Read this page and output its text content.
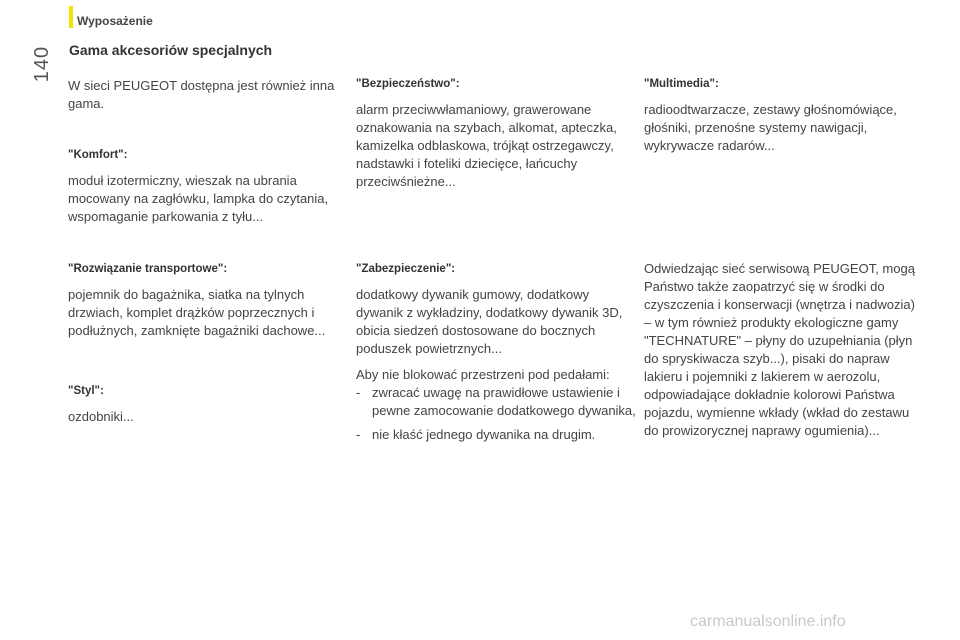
Wyposażenie
140	Gama akcesoriów specjalnych

W sieci PEUGEOT dostępna jest również inna gama.

"Komfort":

moduł izotermiczny, wieszak na ubrania mocowany na zagłówku, lampka do czytania, wspomaganie parkowania z tyłu...

"Rozwiązanie transportowe":

pojemnik do bagażnika, siatka na tylnych drzwiach, komplet drążków poprzecznych i podłużnych, zamknięte bagażniki dachowe...

"Styl":

ozdobniki...

"Bezpieczeństwo":

alarm przeciwwłamaniowy, grawerowane oznakowania na szybach, alkomat, apteczka, kamizelka odblaskowa, trójkąt ostrzegawczy, nadstawki i foteliki dziecięce, łańcuchy przeciwśnieżne...

"Zabezpieczenie":

dodatkowy dywanik gumowy, dodatkowy dywanik z wykładziny, dodatkowy dywanik 3D, obicia siedzeń dostosowane do bocznych poduszek powietrznych...

Aby nie blokować przestrzeni pod pedałami:

- zwracać uwagę na prawidłowe ustawienie i pewne zamocowanie dodatkowego dywanika,
- nie kłaść jednego dywanika na drugim.

"Multimedia":

radioodtwarzacze, zestawy głośnomówiące, głośniki, przenośne systemy nawigacji, wykrywacze radarów...

Odwiedzając sieć serwisową PEUGEOT, mogą Państwo także zaopatrzyć się w środki do czyszczenia i konserwacji (wnętrza i nadwozia) – w tym również produkty ekologiczne gamy "TECHNATURE" – płyny do uzupełniania (płyn do spryskiwacza szyb...), pisaki do napraw lakieru i pojemniki z lakierem w aerozolu, odpowiadające dokładnie kolorowi Państwa pojazdu, wymienne wkłady (wkład do zestawu do prowizorycznej naprawy ogumienia)...

carmanualsonline.info
